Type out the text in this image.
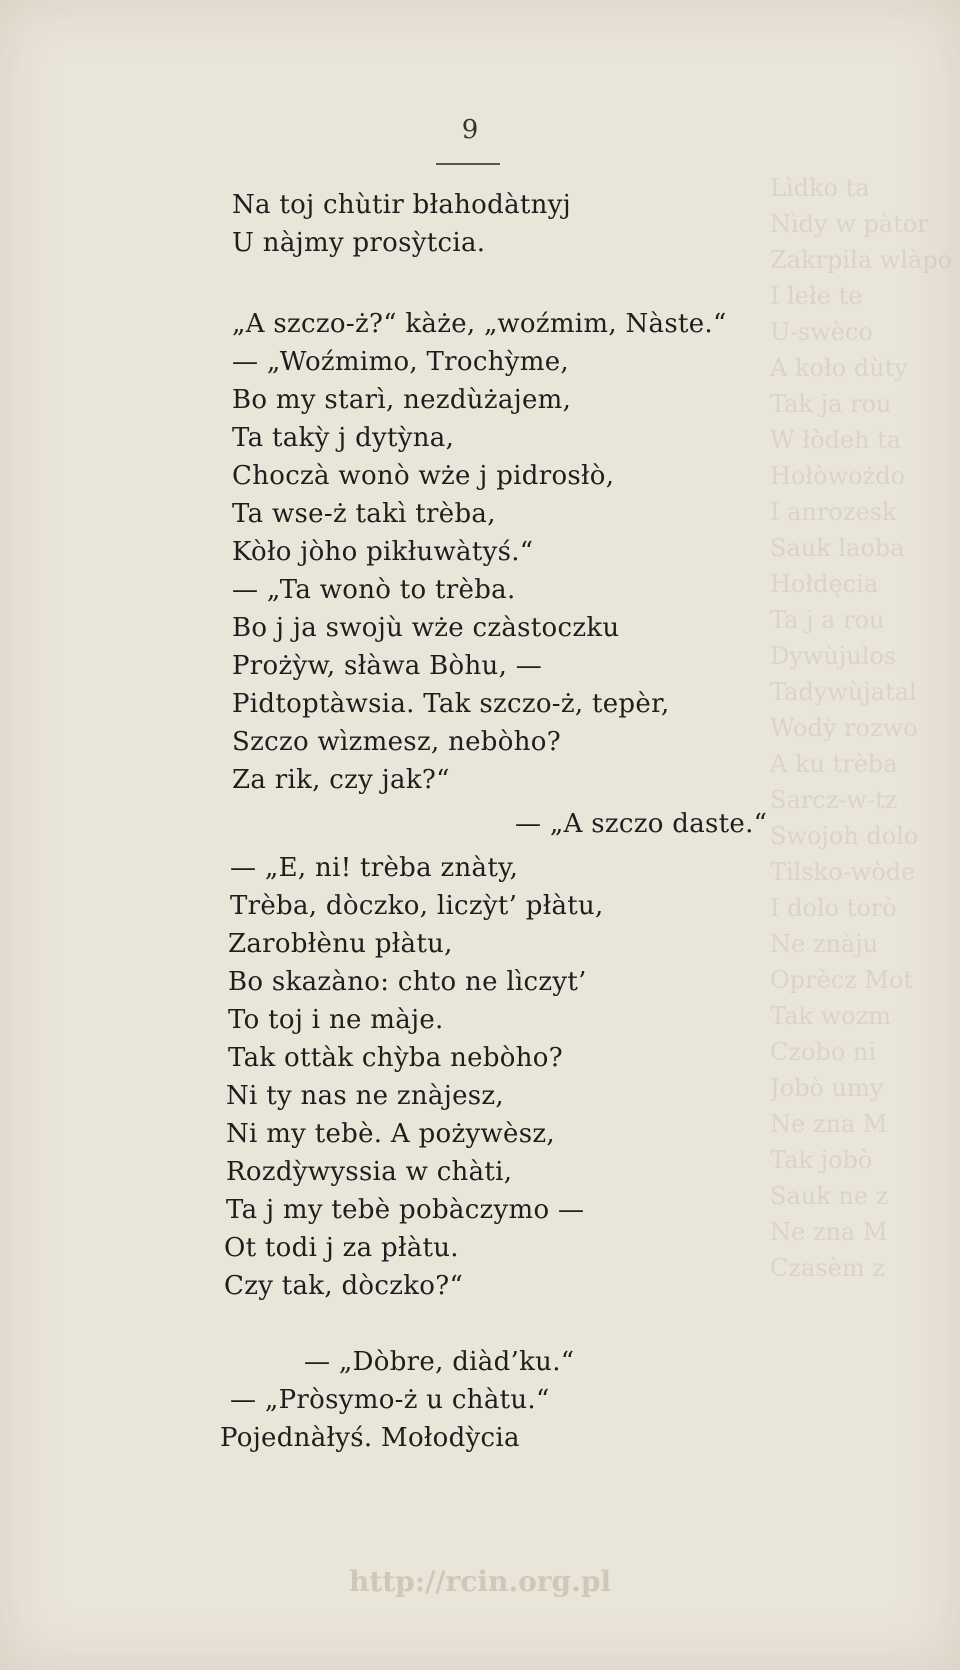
Lìdko ta
Nìdy w pàtor
Zakrpiła wlàpo
I lełe te
U-swèco
A koło dùty
Tak ja rou
W łòdeh ta
Hołòwożdo
I anrozesk
Sauk laoba
Hołdęcia
Ta j a rou
Dywùjulos
Tadywùjatal
Wodỳ rozwo
A ku trèba
Sarcz-w-tz
Swojoh dolo
Tilsko-wòde
I dolo torò
Ne znàju
Oprècz Mot
Tak wozm
Czobo ni
Jobò umy
Ne zna M
Tak jobò
Sauk ne z
Ne zna M
Czasèm z
9
Na toj chùtir błahodàtnyj
U nàjmy prosỳtcia.
„A szczo-ż?“ kàże, „woźmim, Nàste.“
— „Woźmimo, Trochỳme,
Bo my starì, nezdùżajem,
Ta takỳ j dytỳna,
Choczà wonò wże j pidrosłò,
Ta wse-ż takì trèba,
Kòło jòho pikłuwàtyś.“
— „Ta wonò to trèba.
Bo j ja swojù wże czàstoczku
Prożỳw, słàwa Bòhu, —
Pidtoptàwsia. Tak szczo-ż, tepèr,
Szczo wìzmesz, nebòho?
Za rik, czy jak?“
— „A szczo daste.“
— „E, ni! trèba znàty,
Trèba, dòczko, liczỳt’ płàtu,
Zarobłènu płàtu,
Bo skazàno: chto ne lìczyt’
To toj i ne màje.
Tak ottàk chỳba nebòho?
Ni ty nas ne znàjesz,
Ni my tebè. A pożywèsz,
Rozdỳwyssia w chàti,
Ta j my tebè pobàczymo —
Ot todi j za płàtu.
Czy tak, dòczko?“
— „Dòbre, diàd’ku.“
— „Pròsymo-ż u chàtu.“
Pojednàłyś. Mołodỳcia
http://rcin.org.pl
